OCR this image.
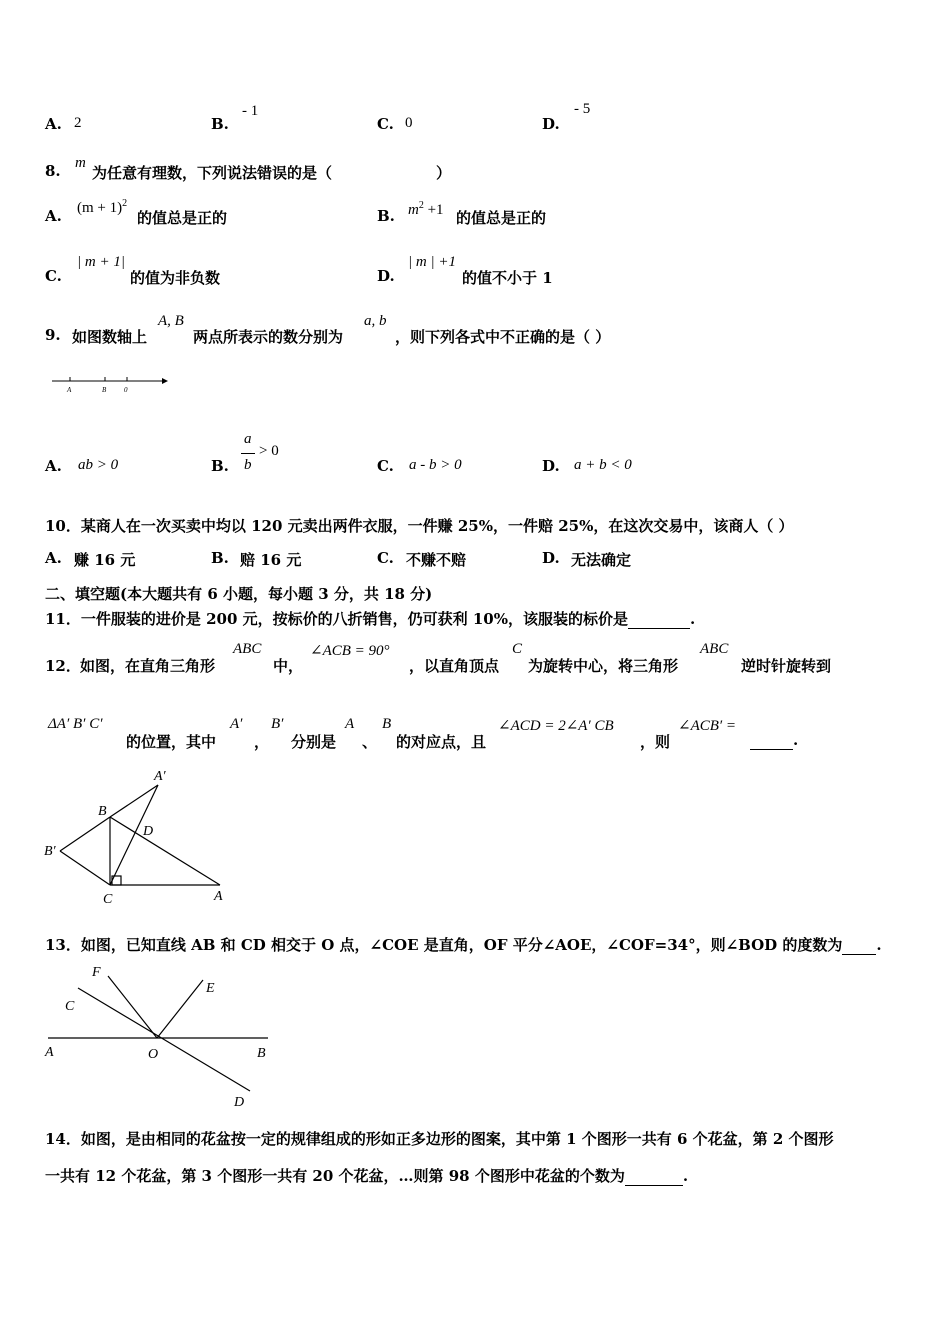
A. 2	B.
- 1
C. 0	D.
- 5
8. m
为任意有理数，下列说法错误的是（	）
A. $(m + 1)^2$
的值总是正的	B. $m^2 +1$ 的值总是正的
C.
| m + 1|
的值为非负数	D.
| m | +1
的值不小于 1
9. 如图数轴上
A, B
两点所表示的数分别为
a, b
，则下列各式中不正确的是（ ）
A	B	0
A. ab > 0	B.
a
b
> 0
C. a - b > 0	D. a + b < 0
10．某商人在一次买卖中均以 120 元卖出两件衣服，一件赚 25%，一件赔 25%，在这次交易中，该商人（ ）
A. 赚 16 元	B. 赔 16 元	C. 不赚不赔	D. 无法确定
二、填空题(本大题共有 6 小题，每小题 3 分，共 18 分)
11．一件服装的进价是 200 元，按标价的八折销售，仍可获利 10%，该服装的标价是	.
12． 如图，在直角三角形
ABC
中，
∠ACB = 90°
，以直角顶点
C
为旋转中心，将三角形
ABC
逆时针旋转到
ΔA′ B′ C′
的位置，其中
A′
，
B′
分别是
A
、
B
的对应点，且
∠ACD = 2∠A′ CB
，则
∠ACB′ =
.
A′
B
D
B′
C	A
13．如图，已知直线 AB 和 CD 相交于 O 点，∠COE 是直角，OF 平分∠AOE，∠COF=34°，则∠BOD 的度数为 .
F
E
C
A	O	B
D
14．如图，是由相同的花盆按一定的规律组成的形如正多边形的图案，其中第 1 个图形一共有 6 个花盆，第 2 个图形
一共有 12 个花盆，第 3 个图形一共有 20 个花盆，…则第 98 个图形中花盆的个数为	.
